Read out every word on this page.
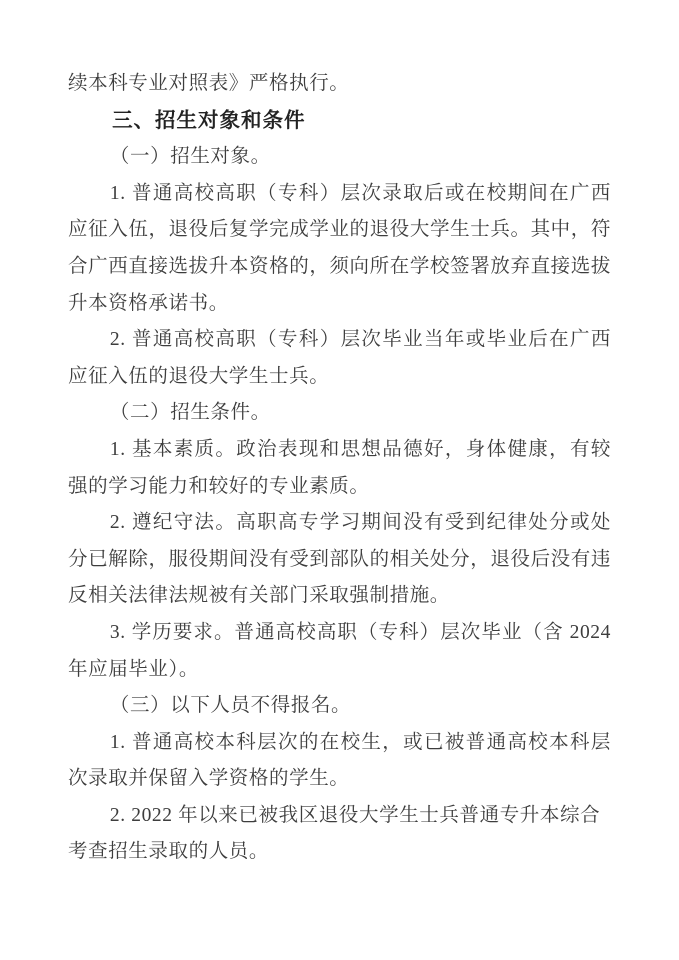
续本科专业对照表》严格执行。

三、招生对象和条件

（一）招生对象。

1. 普通高校高职（专科）层次录取后或在校期间在广西应征入伍，退役后复学完成学业的退役大学生士兵。其中，符合广西直接选拔升本资格的，须向所在学校签署放弃直接选拔升本资格承诺书。

2. 普通高校高职（专科）层次毕业当年或毕业后在广西应征入伍的退役大学生士兵。

（二）招生条件。

1. 基本素质。政治表现和思想品德好，身体健康，有较强的学习能力和较好的专业素质。

2. 遵纪守法。高职高专学习期间没有受到纪律处分或处分已解除，服役期间没有受到部队的相关处分，退役后没有违反相关法律法规被有关部门采取强制措施。

3. 学历要求。普通高校高职（专科）层次毕业（含 2024 年应届毕业）。

（三）以下人员不得报名。

1. 普通高校本科层次的在校生，或已被普通高校本科层次录取并保留入学资格的学生。

2. 2022 年以来已被我区退役大学生士兵普通专升本综合考查招生录取的人员。
